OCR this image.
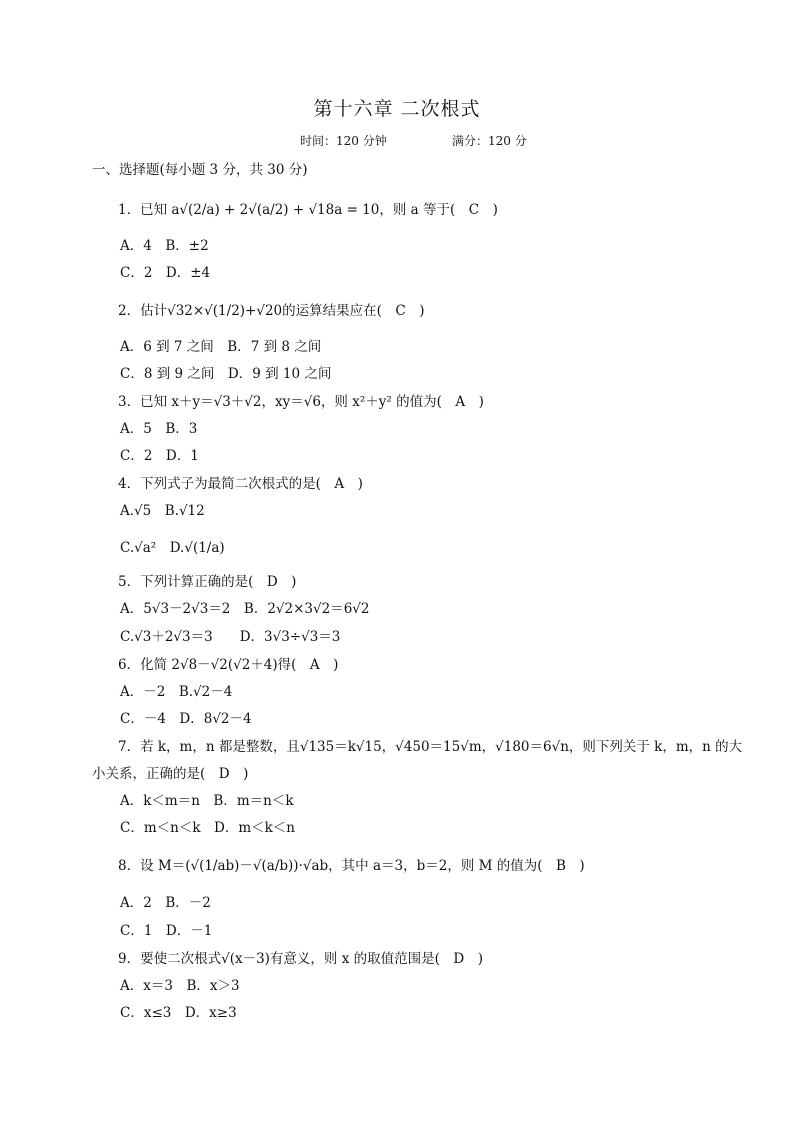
第十六章 二次根式
时间：120 分钟	满分：120 分
一、选择题(每小题 3 分，共 30 分)
1．已知 a√(2/a) + 2√(a/2) + √18a = 10，则 a 等于(　C　)
A．4　B．±2
C．2　D．±4
2．估计√32×√(1/2)+√20的运算结果应在(　C　)
A．6 到 7 之间　B．7 到 8 之间
C．8 到 9 之间　D．9 到 10 之间
3．已知 x＋y＝√3＋√2，xy＝√6，则 x²＋y² 的值为(　A　)
A．5　B．3
C．2　D．1
4．下列式子为最简二次根式的是(　A　)
A.√5　B.√12
C.√a²　D.√(1/a)
5．下列计算正确的是(　D　)
A．5√3－2√3＝2　B．2√2×3√2＝6√2
C.√3＋2√3＝3　　D．3√3÷√3＝3
6．化简 2√8－√2(√2＋4)得(　A　)
A．－2　B.√2－4
C．－4　D．8√2－4
7．若 k，m，n 都是整数，且√135＝k√15，√450＝15√m，√180＝6√n，则下列关于 k，m，n 的大
小关系，正确的是(　D　)
A．k＜m＝n　B．m＝n＜k
C．m＜n＜k　D．m＜k＜n
8．设 M＝(√(1/ab)－√(a/b))·√ab，其中 a＝3，b＝2，则 M 的值为(　B　)
A．2　B．－2
C．1　D．－1
9．要使二次根式√(x－3)有意义，则 x 的取值范围是(　D　)
A．x＝3　B．x＞3
C．x≤3　D．x≥3
